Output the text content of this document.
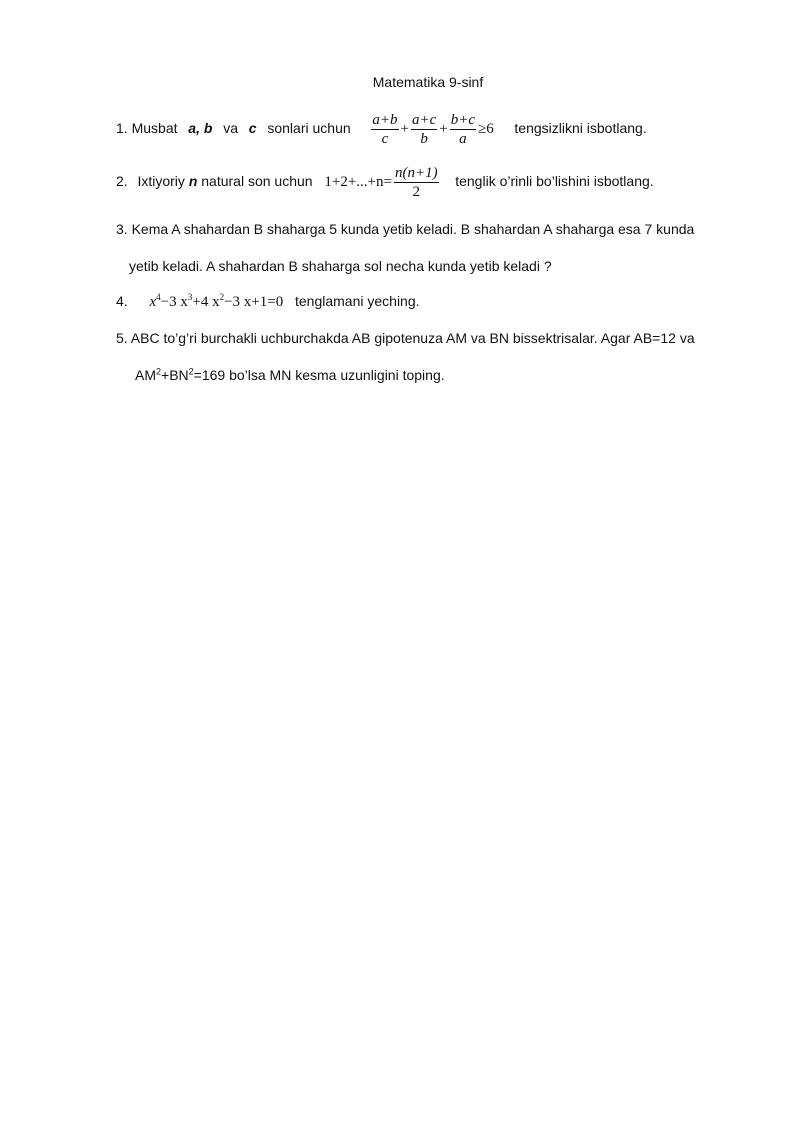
Matematika 9-sinf
1. Musbat a, b va c sonlari uchun $\frac{a+b}{c} + \frac{a+c}{b} + \frac{b+c}{a} \ge 6$ tengsizlikni isbotlang.
2. Ixtiyoriy n natural son uchun $1+2+...+n= \frac{n(n+1)}{2}$ tenglik o’rinli bo’lishini isbotlang.
3. Kema A shahardan B shaharga 5 kunda yetib keladi. B shahardan A shaharga esa 7 kunda
yetib keladi. A shahardan B shaharga sol necha kunda yetib keladi ?
4. $x^4-3$ $x^3+4$ $x^2-3$ x+1=0 tenglamani yeching.
5. ABC to’g’ri burchakli uchburchakda AB gipotenuza AM va BN bissektrisalar. Agar AB=12 va
$AM^2+BN^2=169$ bo’lsa MN kesma uzunligini toping.
